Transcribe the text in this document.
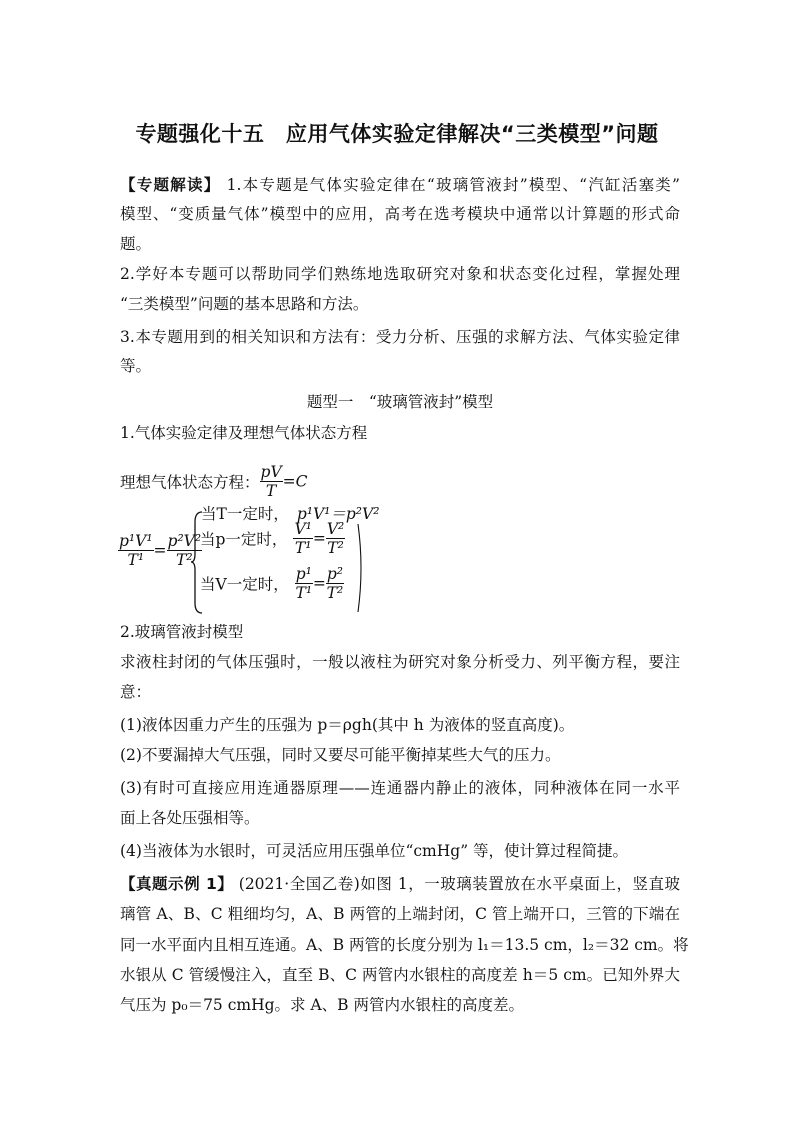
专题强化十五　应用气体实验定律解决“三类模型”问题
【专题解读】 1.本专题是气体实验定律在“玻璃管液封”模型、“汽缸活塞类”
模型、“变质量气体”模型中的应用，高考在选考模块中通常以计算题的形式命
题。
2.学好本专题可以帮助同学们熟练地选取研究对象和状态变化过程，掌握处理
“三类模型”问题的基本思路和方法。
3.本专题用到的相关知识和方法有：受力分析、压强的求解方法、气体实验定律
等。
题型一　“玻璃管液封”模型
1.气体实验定律及理想气体状态方程
理想气体状态方程： $\frac{pV}{T} =C$
$\frac{\text{p¹V¹}}{\text{T¹}} = \frac{\text{p²V²}}{\text{T²}}$
当T一定时， p¹V¹＝p²V²
当p一定时， $\frac{\text{V¹}}{\text{T¹}} = \frac{\text{V²}}{\text{T²}}$
当V一定时， $\frac{\text{p¹}}{\text{T¹}} = \frac{\text{p²}}{\text{T²}}$
2.玻璃管液封模型
求液柱封闭的气体压强时，一般以液柱为研究对象分析受力、列平衡方程，要注
意：
(1)液体因重力产生的压强为 p＝ρgh(其中 h 为液体的竖直高度)。
(2)不要漏掉大气压强，同时又要尽可能平衡掉某些大气的压力。
(3)有时可直接应用连通器原理——连通器内静止的液体，同种液体在同一水平
面上各处压强相等。
(4)当液体为水银时，可灵活应用压强单位“cmHg” 等，使计算过程简捷。
【真题示例 1】 (2021·全国乙卷)如图 1，一玻璃装置放在水平桌面上，竖直玻
璃管 A、B、C 粗细均匀，A、B 两管的上端封闭，C 管上端开口，三管的下端在
同一水平面内且相互连通。A、B 两管的长度分别为 l₁＝13.5 cm，l₂＝32 cm。将
水银从 C 管缓慢注入，直至 B、C 两管内水银柱的高度差 h＝5 cm。已知外界大
气压为 p₀＝75 cmHg。求 A、B 两管内水银柱的高度差。
